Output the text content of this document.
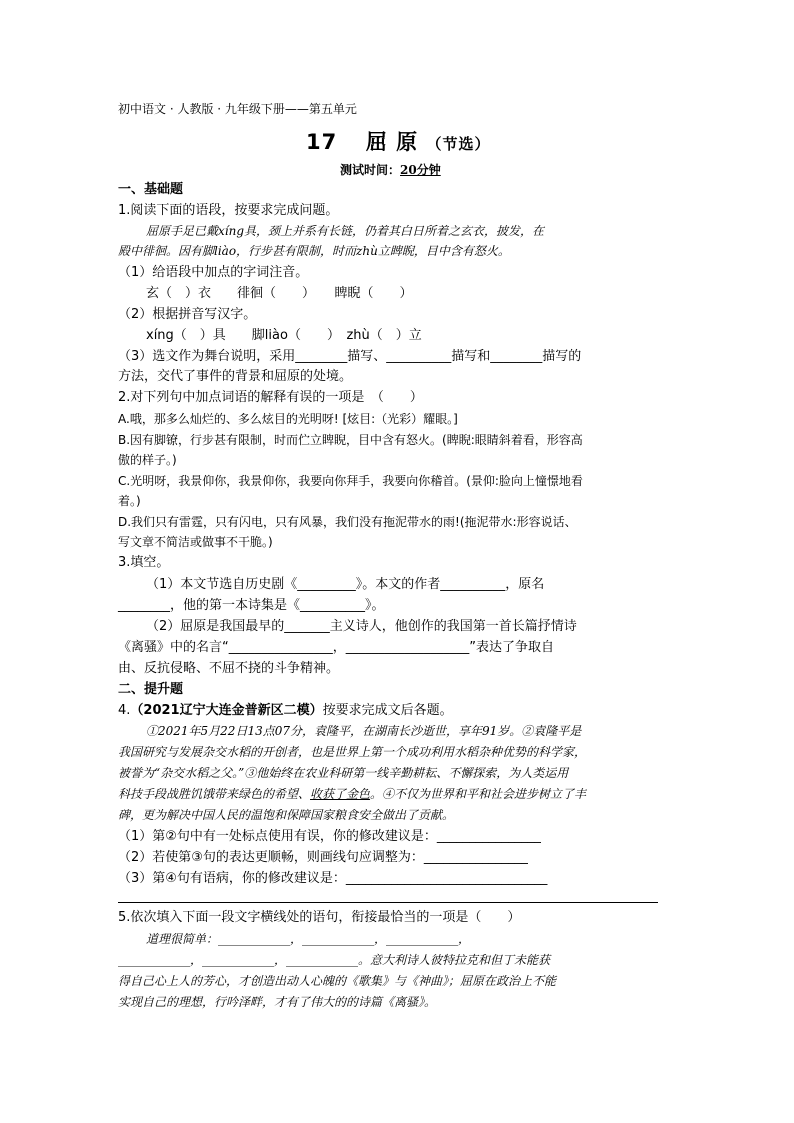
初中语文 · 人教版 · 九年级下册——第五单元
17 屈 原 （节选）
测试时间：20分钟
一、基础题
1.阅读下面的语段，按要求完成问题。
屈原手足已戴xíng具，颈上并系有长链，仍着其白日所着之玄衣，披发，在
殿中徘徊。因有脚liào，行步甚有限制，时而zhù立睥睨，目中含有怒火。
（1）给语段中加点的字词注音。
玄（　）衣　　徘徊（　　）　　睥睨（　　）
（2）根据拼音写汉字。
xíng（　）具　　脚liào（　　）　zhù（　）立
（3）选文作为舞台说明，采用________描写、__________描写和________描写的
方法，交代了事件的背景和屈原的处境。
2.对下列句中加点词语的解释有误的一项是　（　　）
A.哦，那多么灿烂的、多么炫目的光明呀! [炫目:（光彩）耀眼。]
B.因有脚镣，行步甚有限制，时而伫立睥睨，目中含有怒火。(睥睨:眼睛斜着看，形容高
傲的样子。)
C.光明呀，我景仰你，我景仰你，我要向你拜手，我要向你稽首。(景仰:脸向上憧憬地看
着。)
D.我们只有雷霆，只有闪电，只有风暴，我们没有拖泥带水的雨!(拖泥带水:形容说话、
写文章不简洁或做事不干脆。)
3.填空。
（1）本文节选自历史剧《_________》。本文的作者__________，原名
________，他的第一本诗集是《__________》。
（2）屈原是我国最早的_______主义诗人，他创作的我国第一首长篇抒情诗
《离骚》中的名言“________________，___________________”表达了争取自
由、反抗侵略、不屈不挠的斗争精神。
二、提升题
4.（2021辽宁大连金普新区二模）按要求完成文后各题。
①2021年5月22日13点07分，袁隆平，在湖南长沙逝世，享年91岁。②袁隆平是
我国研究与发展杂交水稻的开创者，也是世界上第一个成功利用水稻杂种优势的科学家，
被誉为“杂交水稻之父。”③他始终在农业科研第一线辛勤耕耘、不懈探索，为人类运用
科技手段战胜饥饿带来绿色的希望、收获了金色。④不仅为世界和平和社会进步树立了丰
碑，更为解决中国人民的温饱和保障国家粮食安全做出了贡献。
（1）第②句中有一处标点使用有误，你的修改建议是：________________
（2）若使第③句的表达更顺畅，则画线句应调整为：________________
（3）第④句有语病，你的修改建议是：_______________________________
5.依次填入下面一段文字横线处的语句，衔接最恰当的一项是（　　）
道理很简单：____________，____________，____________，
____________，____________，____________。意大利诗人彼特拉克和但丁未能获
得自己心上人的芳心，才创造出动人心魄的《歌集》与《神曲》；屈原在政治上不能
实现自己的理想，行吟泽畔，才有了伟大的的诗篇《离骚》。
